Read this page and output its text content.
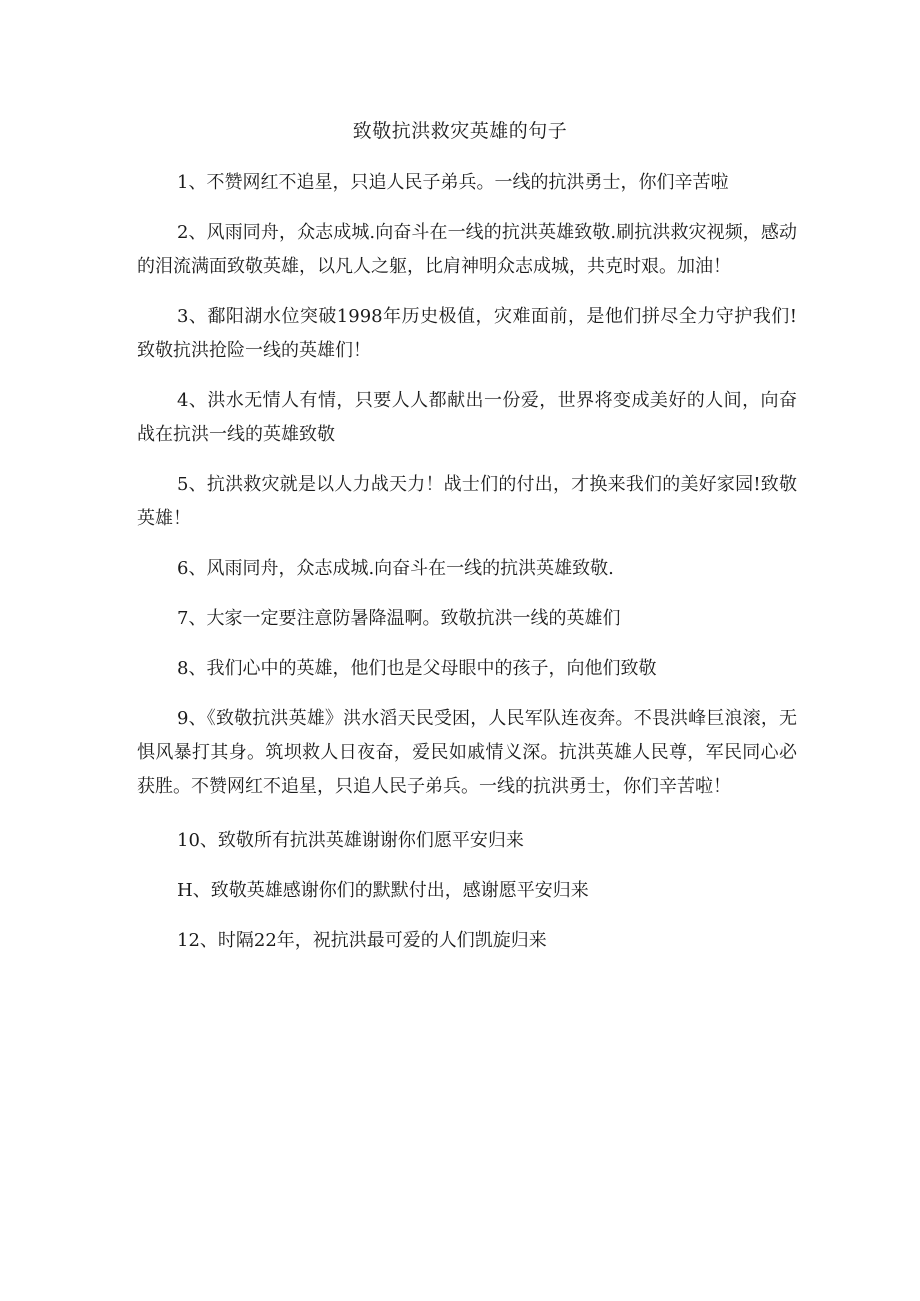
致敬抗洪救灾英雄的句子

1、不赞网红不追星，只追人民子弟兵。一线的抗洪勇士，你们辛苦啦

2、风雨同舟，众志成城.向奋斗在一线的抗洪英雄致敬.刷抗洪救灾视频，感动的泪流满面致敬英雄，以凡人之躯，比肩神明众志成城，共克时艰。加油！

3、鄱阳湖水位突破1998年历史极值，灾难面前，是他们拼尽全力守护我们!致敬抗洪抢险一线的英雄们！

4、洪水无情人有情，只要人人都献出一份爱，世界将变成美好的人间，向奋战在抗洪一线的英雄致敬

5、抗洪救灾就是以人力战天力！战士们的付出，才换来我们的美好家园!致敬英雄！

6、风雨同舟，众志成城.向奋斗在一线的抗洪英雄致敬.

7、大家一定要注意防暑降温啊。致敬抗洪一线的英雄们

8、我们心中的英雄，他们也是父母眼中的孩子，向他们致敬

9、《致敬抗洪英雄》洪水滔天民受困，人民军队连夜奔。不畏洪峰巨浪滚，无惧风暴打其身。筑坝救人日夜奋，爱民如戚情义深。抗洪英雄人民尊，军民同心必获胜。不赞网红不追星，只追人民子弟兵。一线的抗洪勇士，你们辛苦啦！

10、致敬所有抗洪英雄谢谢你们愿平安归来

H、致敬英雄感谢你们的默默付出，感谢愿平安归来

12、时隔22年，祝抗洪最可爱的人们凯旋归来
